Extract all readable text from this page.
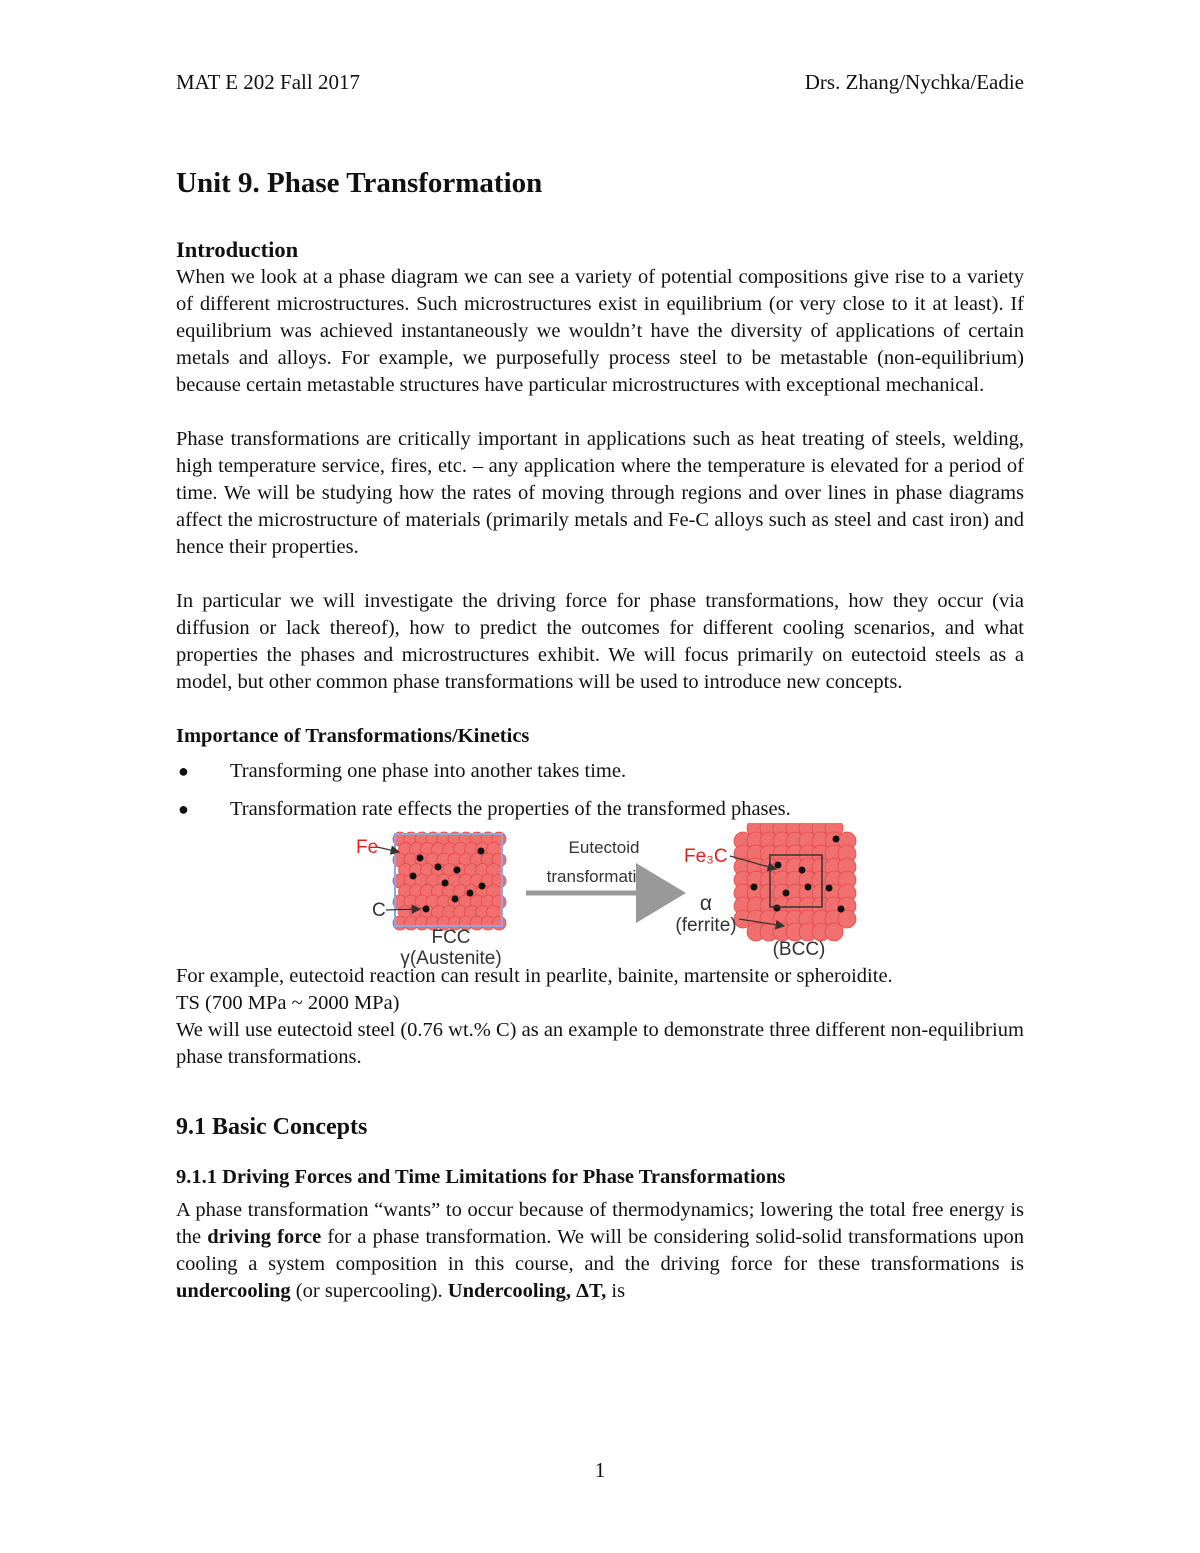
MAT E 202 Fall 2017	Drs. Zhang/Nychka/Eadie
Unit 9. Phase Transformation
Introduction

When we look at a phase diagram we can see a variety of potential compositions give rise to a variety of different microstructures. Such microstructures exist in equilibrium (or very close to it at least). If equilibrium was achieved instantaneously we wouldn’t have the diversity of applications of certain metals and alloys. For example, we purposefully process steel to be metastable (non-equilibrium) because certain metastable structures have particular microstructures with exceptional mechanical.

Phase transformations are critically important in applications such as heat treating of steels, welding, high temperature service, fires, etc. – any application where the temperature is elevated for a period of time. We will be studying how the rates of moving through regions and over lines in phase diagrams affect the microstructure of materials (primarily metals and Fe-C alloys such as steel and cast iron) and hence their properties.

In particular we will investigate the driving force for phase transformations, how they occur (via diffusion or lack thereof), how to predict the outcomes for different cooling scenarios, and what properties the phases and microstructures exhibit. We will focus primarily on eutectoid steels as a model, but other common phase transformations will be used to introduce new concepts.

Importance of Transformations/Kinetics
● Transforming one phase into another takes time.
● Transformation rate effects the properties of the transformed phases.
Fe
C
FCC
γ(Austenite)
Eutectoid
transformation
Fe₃C
α
(ferrite)
(BCC)

For example, eutectoid reaction can result in pearlite, bainite, martensite or spheroidite.

TS (700 MPa ~ 2000 MPa)

We will use eutectoid steel (0.76 wt.% C) as an example to demonstrate three different non-equilibrium phase transformations.

9.1 Basic Concepts
9.1.1 Driving Forces and Time Limitations for Phase Transformations

A phase transformation “wants” to occur because of thermodynamics; lowering the total free energy is the driving force for a phase transformation. We will be considering solid-solid transformations upon cooling a system composition in this course, and the driving force for these transformations is undercooling (or supercooling). Undercooling, ΔT, is

1
